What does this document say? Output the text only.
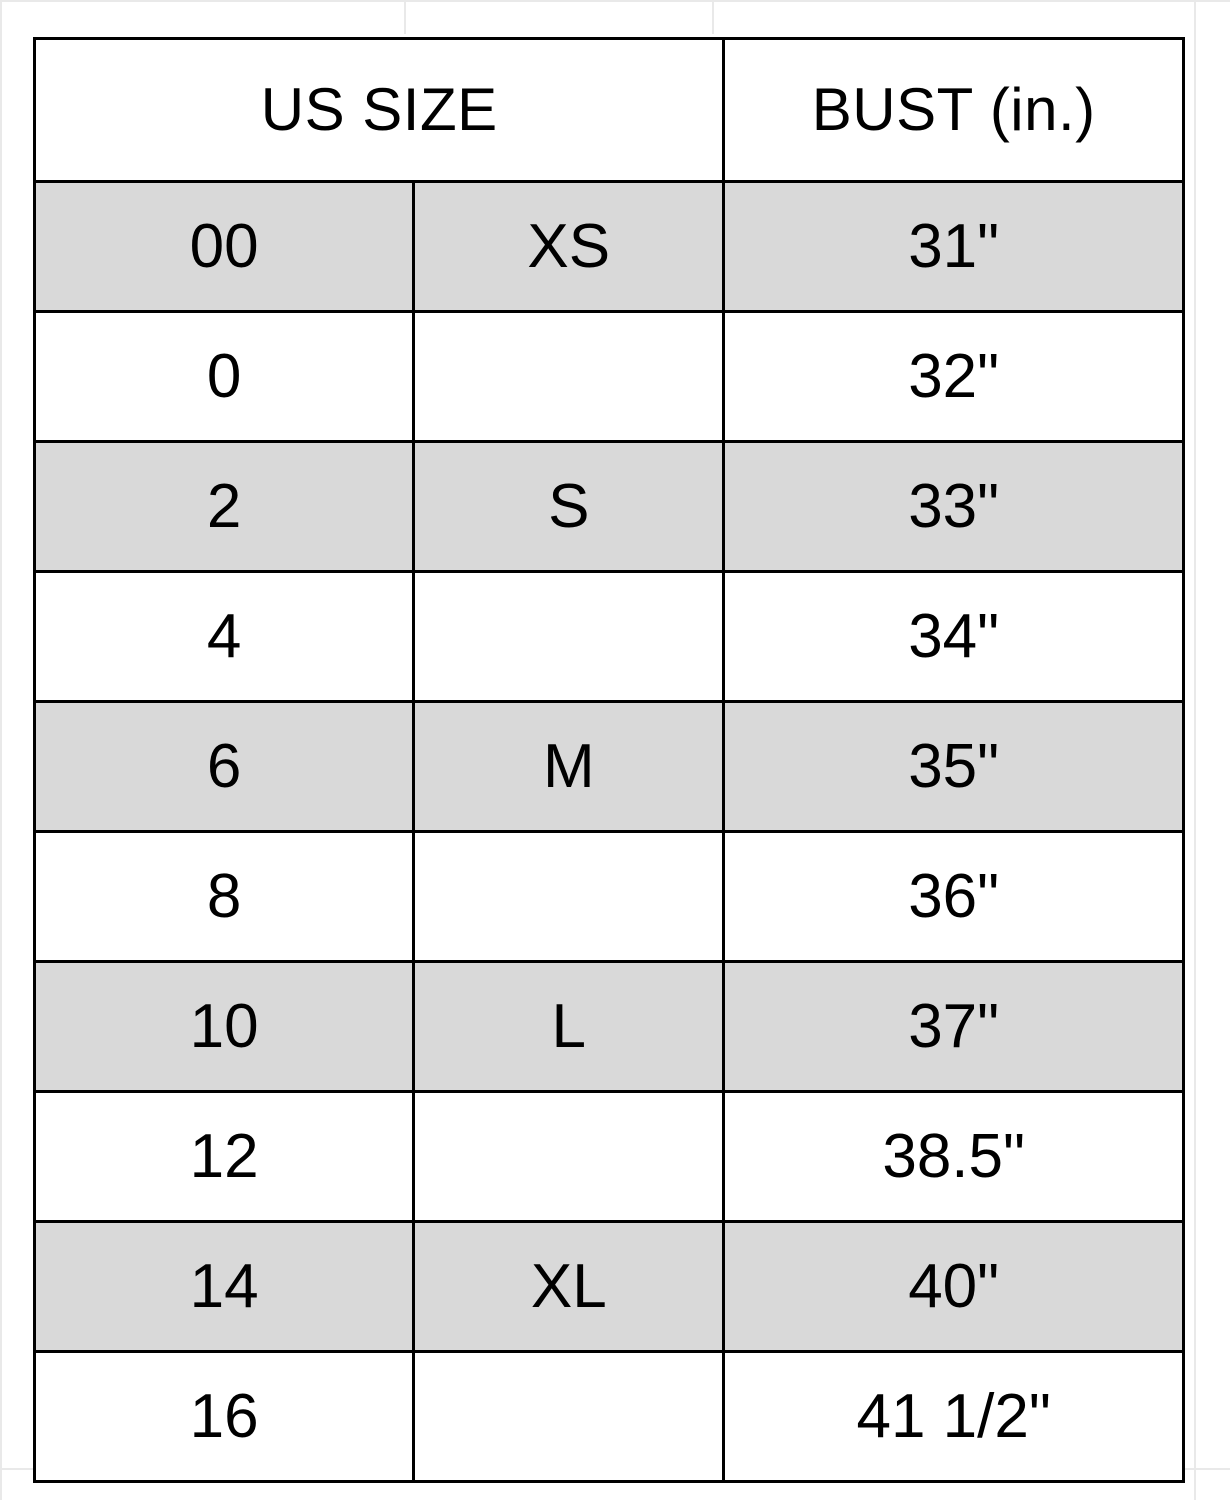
US SIZE		BUST (in.)
00	XS	31"
0		32"
2	S	33"
4		34"
6	M	35"
8		36"
10	L	37"
12		38.5"
14	XL	40"
16		41 1/2"
